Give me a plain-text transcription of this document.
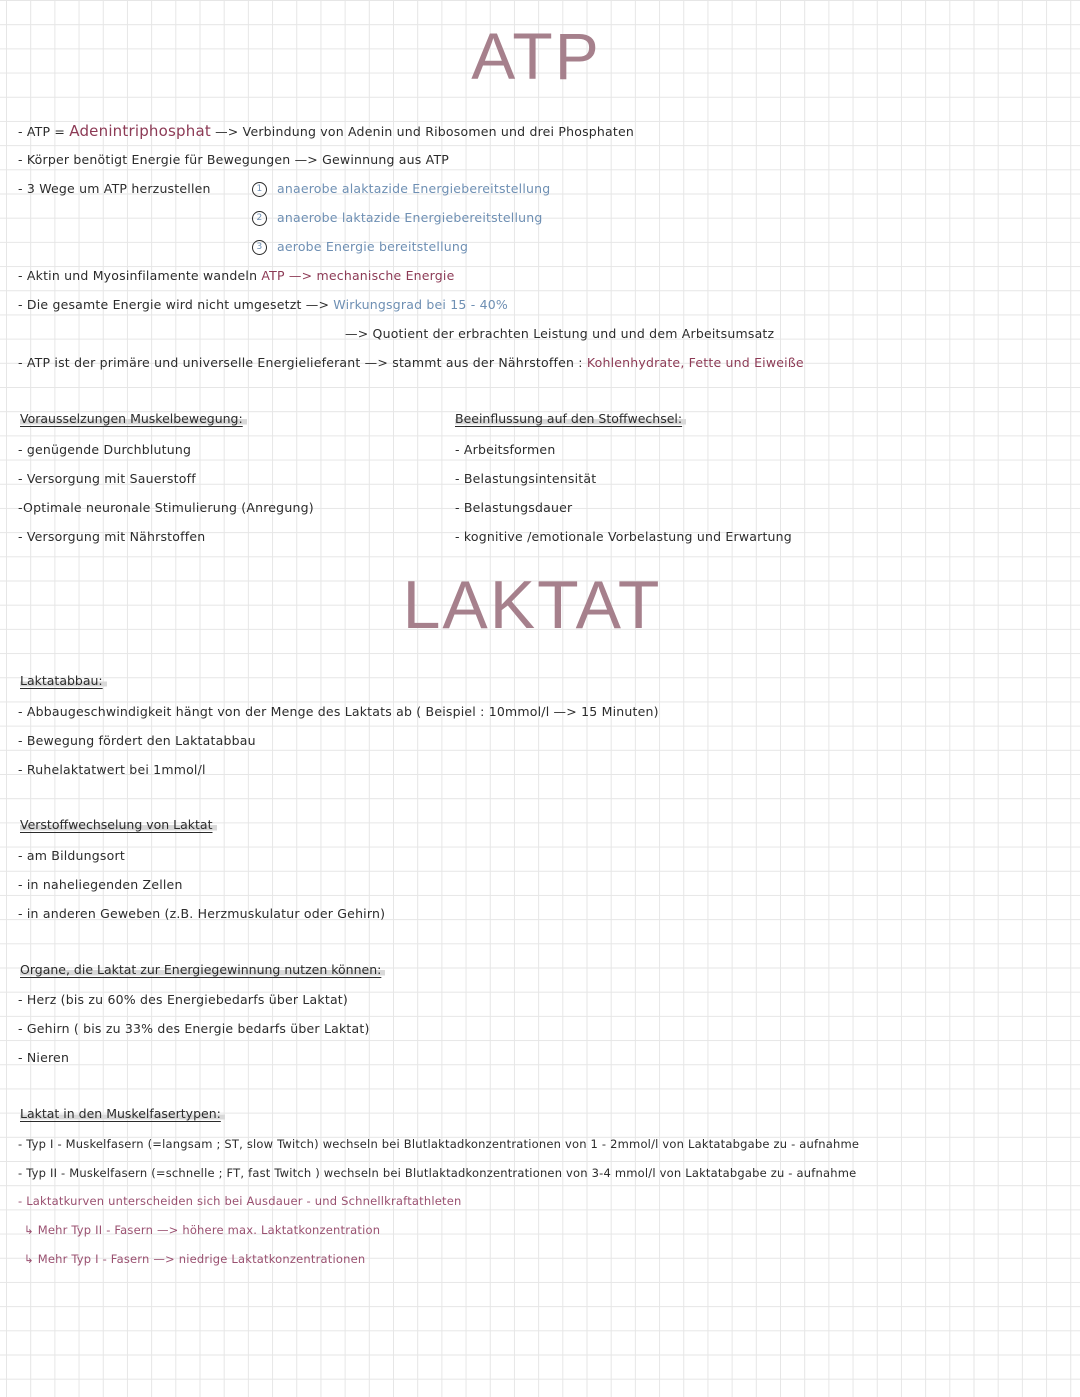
ATP
- ATP = Adenintriphosphat —> Verbindung von Adenin und Ribosomen und drei Phosphaten
- Körper benötigt Energie für Bewegungen —> Gewinnung aus ATP
- 3 Wege um ATP herzustellen	1 anaerobe alaktazide Energiebereitstellung
2 anaerobe laktazide Energiebereitstellung
3 aerobe Energie bereitstellung
- Aktin und Myosinfilamente wandeln ATP —> mechanische Energie
- Die gesamte Energie wird nicht umgesetzt —> Wirkungsgrad bei 15 - 40%
—> Quotient der erbrachten Leistung und und dem Arbeitsumsatz
- ATP ist der primäre und universelle Energielieferant —> stammt aus der Nährstoffen : Kohlenhydrate, Fette und Eiweiße
Vorausselzungen Muskelbewegung:
- genügende Durchblutung
- Versorgung mit Sauerstoff
-Optimale neuronale Stimulierung (Anregung)
- Versorgung mit Nährstoffen
Beeinflussung auf den Stoffwechsel:
- Arbeitsformen
- Belastungsintensität
- Belastungsdauer
- kognitive /emotionale Vorbelastung und Erwartung
LAKTAT
Laktatabbau:
- Abbaugeschwindigkeit hängt von der Menge des Laktats ab ( Beispiel : 10mmol/l —> 15 Minuten)
- Bewegung fördert den Laktatabbau
- Ruhelaktatwert bei 1mmol/l
Verstoffwechselung von Laktat
- am Bildungsort
- in naheliegenden Zellen
- in anderen Geweben (z.B. Herzmuskulatur oder Gehirn)
Organe, die Laktat zur Energiegewinnung nutzen können:
- Herz (bis zu 60% des Energiebedarfs über Laktat)
- Gehirn ( bis zu 33% des Energie bedarfs über Laktat)
- Nieren
Laktat in den Muskelfasertypen:
- Typ I - Muskelfasern (=langsam ; ST, slow Twitch) wechseln bei Blutlaktadkonzentrationen von 1 - 2mmol/l von Laktatabgabe zu - aufnahme
- Typ II - Muskelfasern (=schnelle ; FT, fast Twitch ) wechseln bei Blutlaktadkonzentrationen von 3-4 mmol/l von Laktatabgabe zu - aufnahme
- Laktatkurven unterscheiden sich bei Ausdauer - und Schnellkraftathleten
↳ Mehr Typ II - Fasern —> höhere max. Laktatkonzentration
↳ Mehr Typ I - Fasern —> niedrige Laktatkonzentrationen
